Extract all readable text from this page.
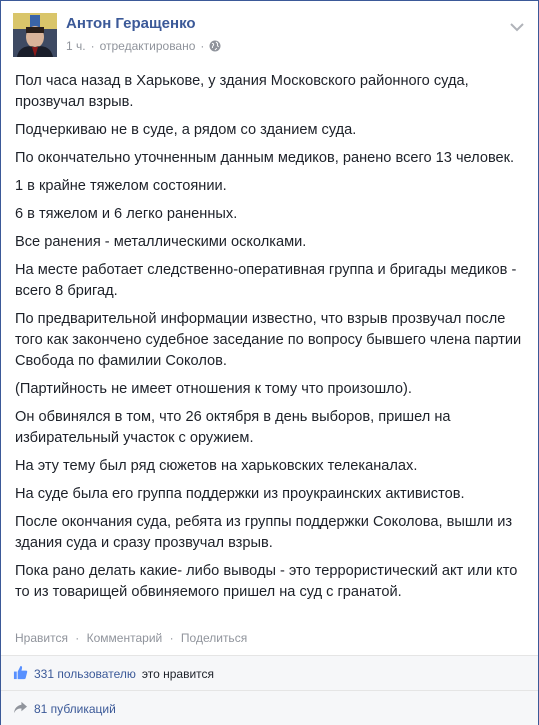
Антон Геращенко
1 ч. · отредактировано ·

Пол часа назад в Харькове, у здания Московского районного суда, прозвучал взрыв.

Подчеркиваю не в суде, а рядом со зданием суда.

По окончательно уточненным данным медиков, ранено всего 13 человек.

1 в крайне тяжелом состоянии.

6 в тяжелом и 6 легко раненных.

Все ранения - металлическими осколками.

На месте работает следственно-оперативная группа и бригады медиков - всего 8 бригад.

По предварительной информации известно, что взрыв прозвучал после того как закончено судебное заседание по вопросу бывшего члена партии Свобода по фамилии Соколов.

(Партийность не имеет отношения к тому что произошло).

Он обвинялся в том, что 26 октября в день выборов, пришел на избирательный участок с оружием.

На эту тему был ряд сюжетов на харьковских телеканалах.

На суде была его группа поддержки из проукраинских активистов.

После окончания суда, ребята из группы поддержки Соколова, вышли из здания суда и сразу прозвучал взрыв.

Пока рано делать какие- либо выводы - это террористический акт или кто то из товарищей обвиняемого пришел на суд с гранатой.

Нравится · Комментарий · Поделиться
331 пользователю это нравится
81 публикаций
